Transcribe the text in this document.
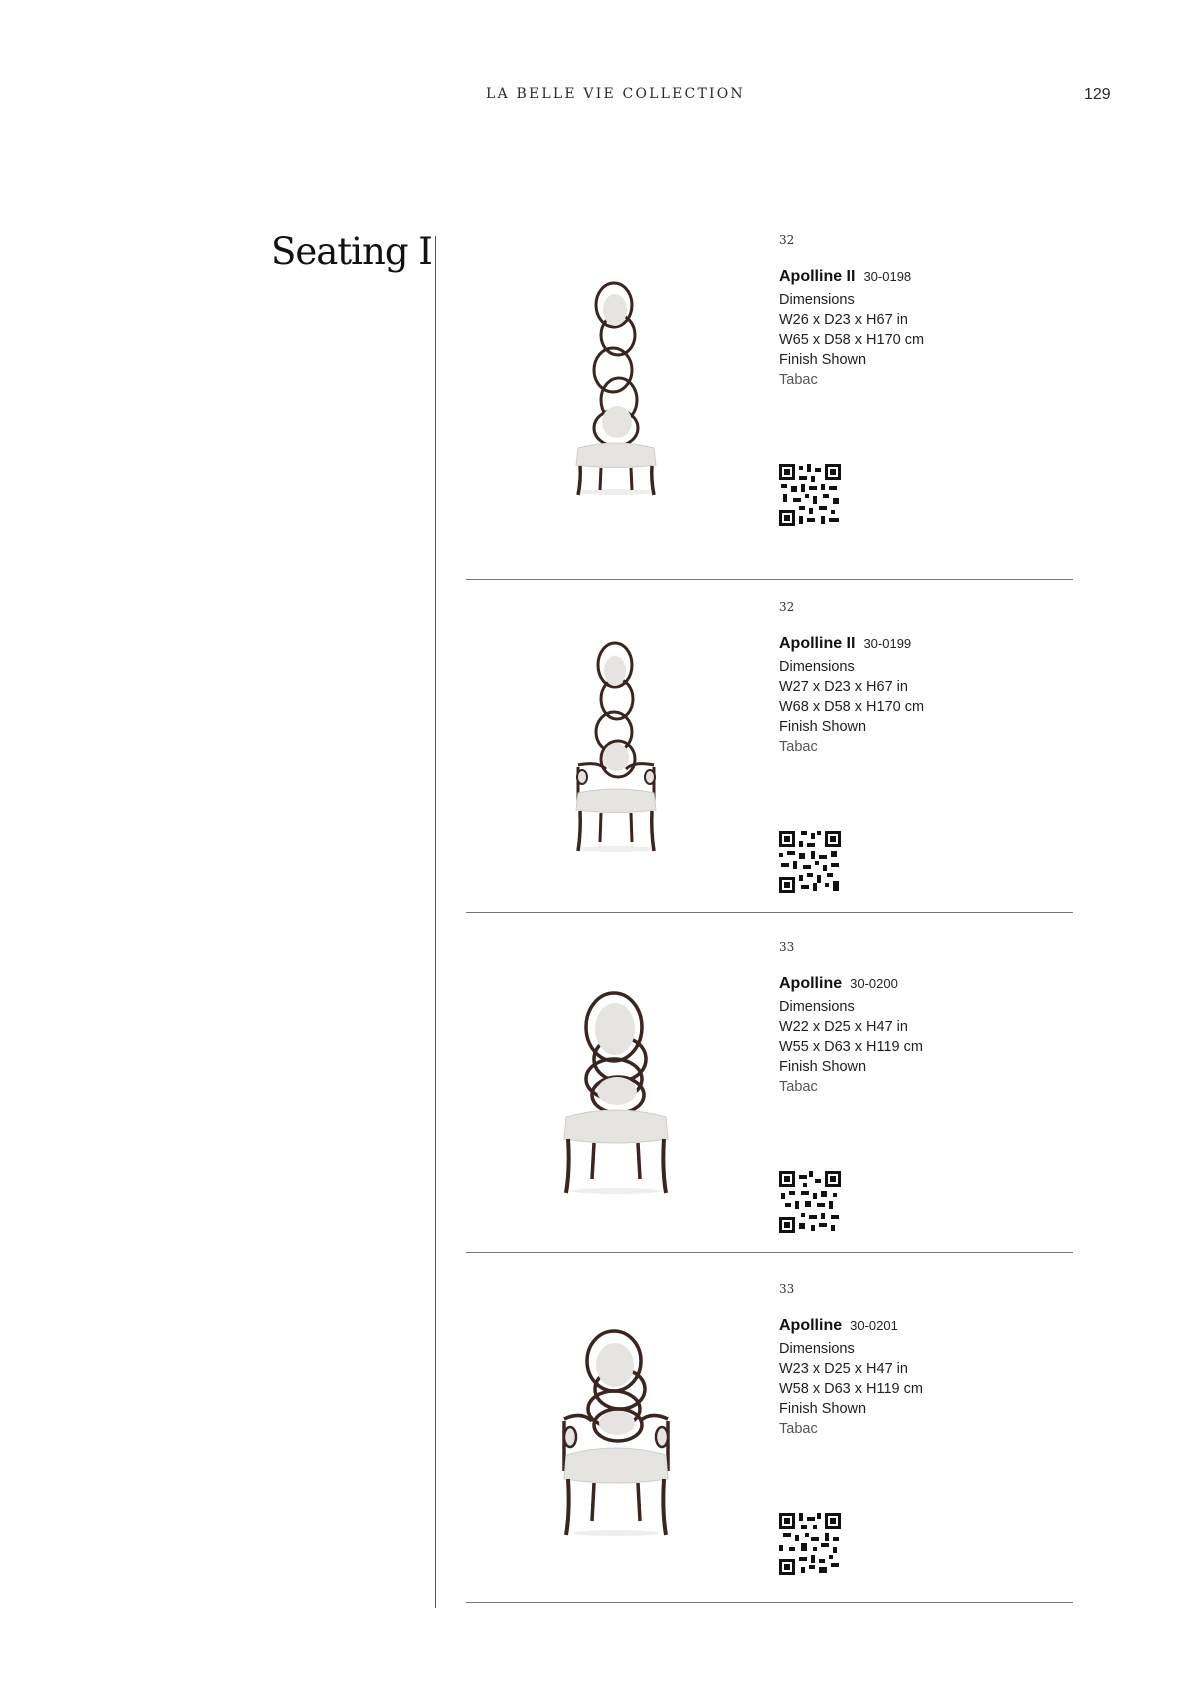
LA BELLE VIE COLLECTION	129
Seating I	32
Apolline II 30-0198
Dimensions
W26 x D23 x H67 in
W65 x D58 x H170 cm
Finish Shown
Tabac
32
Apolline II 30-0199
Dimensions
W27 x D23 x H67 in
W68 x D58 x H170 cm
Finish Shown
Tabac
33
Apolline 30-0200
Dimensions
W22 x D25 x H47 in
W55 x D63 x H119 cm
Finish Shown
Tabac
33
Apolline 30-0201
Dimensions
W23 x D25 x H47 in
W58 x D63 x H119 cm
Finish Shown
Tabac
